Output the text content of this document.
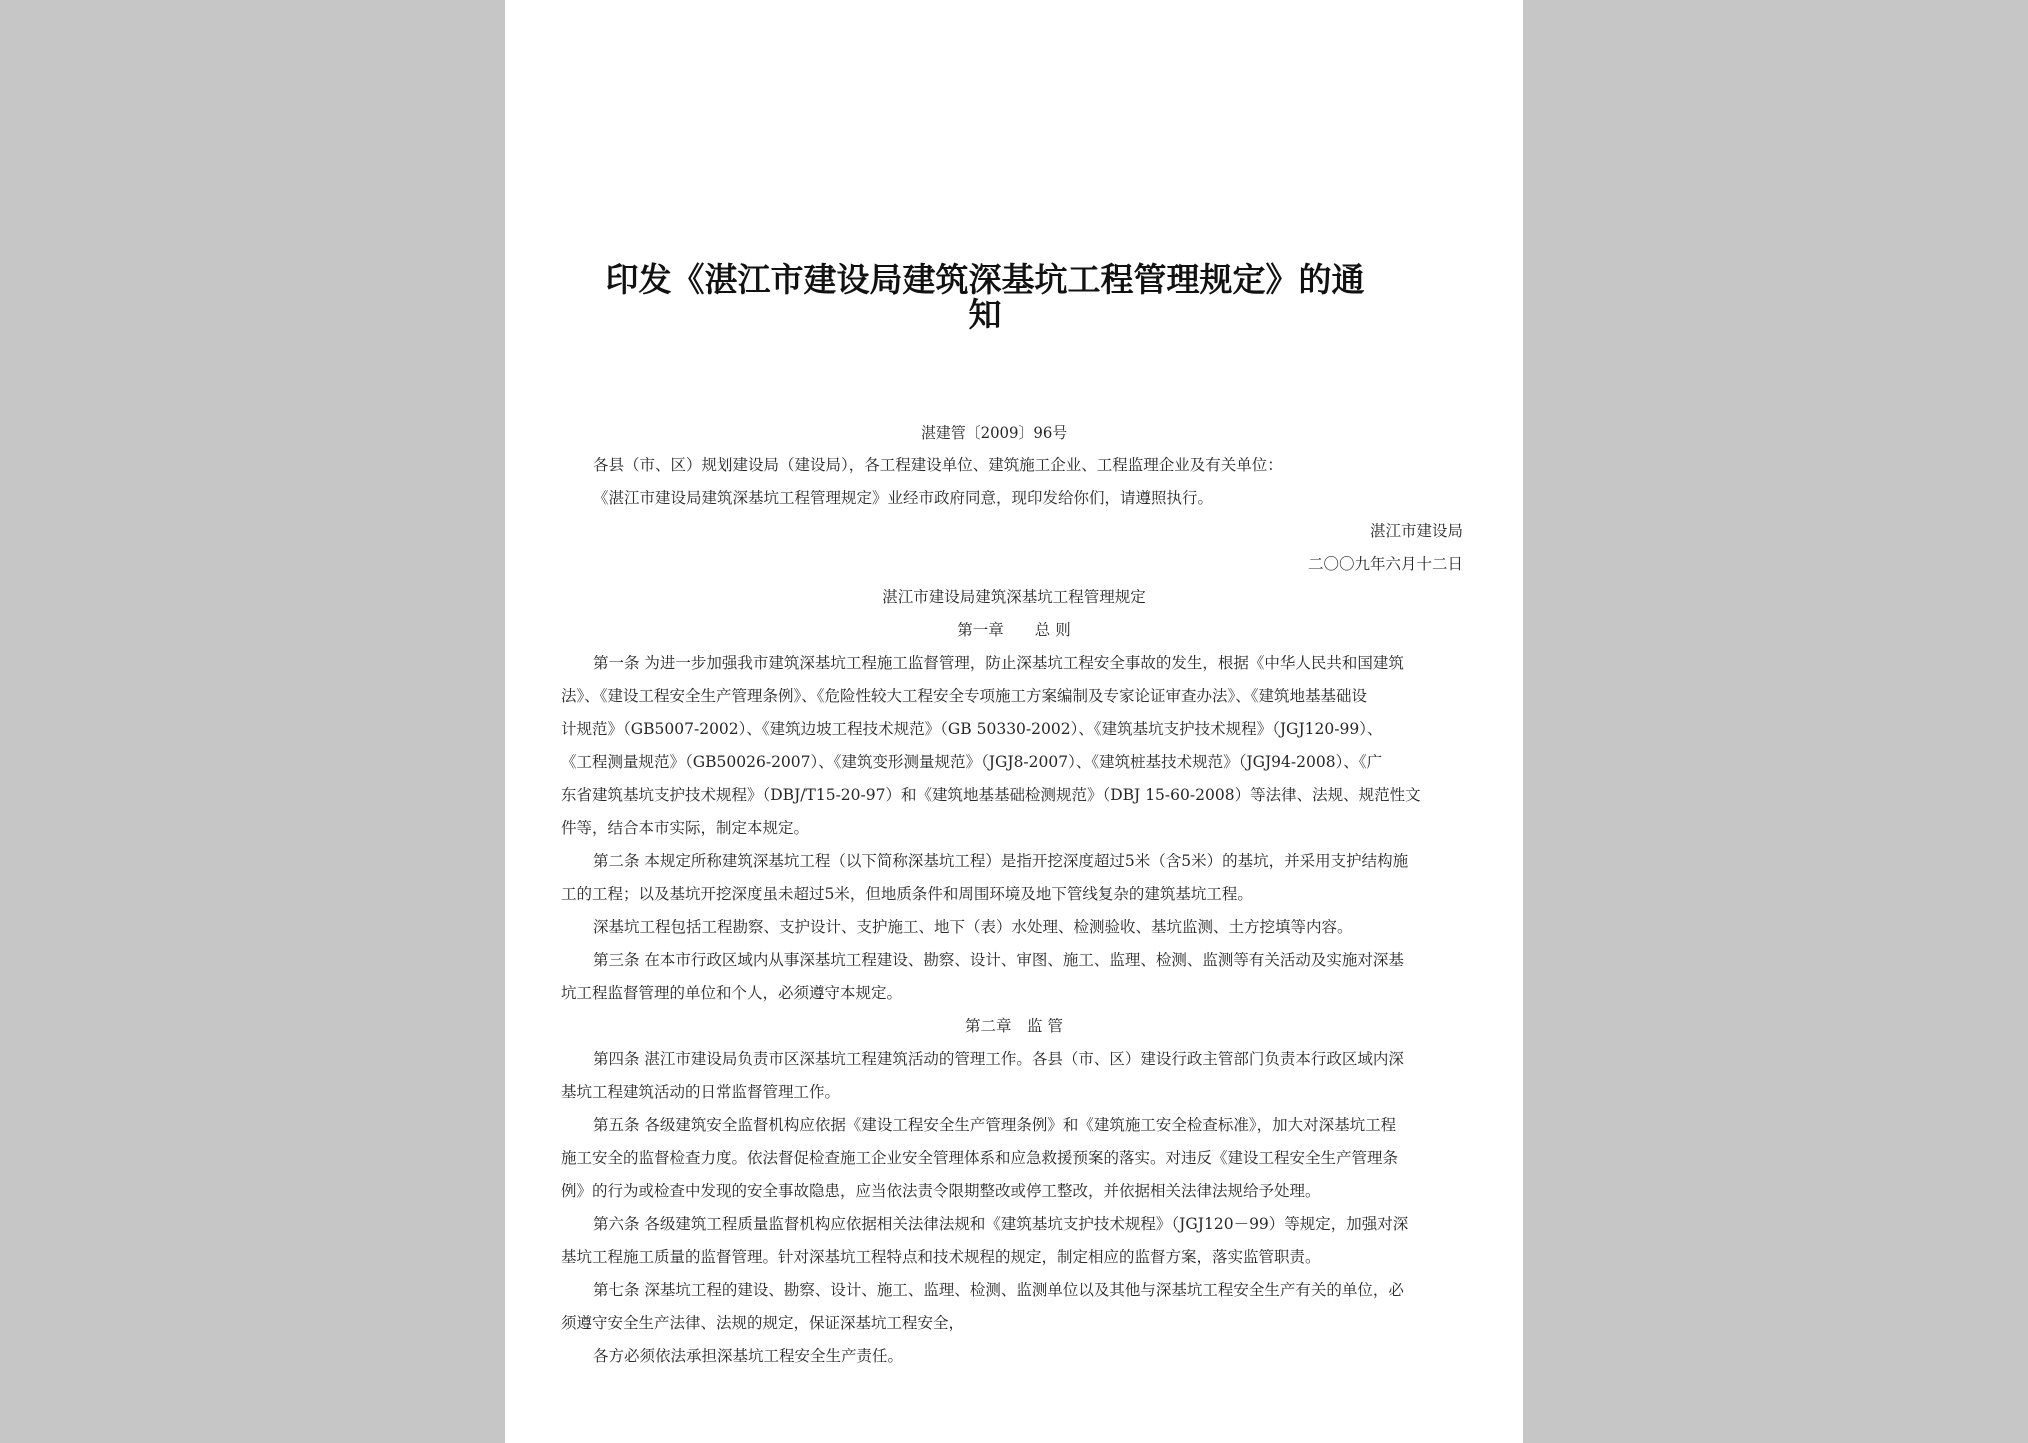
印发《湛江市建设局建筑深基坑工程管理规定》的通知
湛建管〔2009〕96号
各县（市、区）规划建设局（建设局），各工程建设单位、建筑施工企业、工程监理企业及有关单位：
《湛江市建设局建筑深基坑工程管理规定》业经市政府同意，现印发给你们，请遵照执行。
湛江市建设局
二〇〇九年六月十二日
湛江市建设局建筑深基坑工程管理规定
第一章　　总 则
第一条 为进一步加强我市建筑深基坑工程施工监督管理，防止深基坑工程安全事故的发生，根据《中华人民共和国建筑
法》、《建设工程安全生产管理条例》、《危险性较大工程安全专项施工方案编制及专家论证审查办法》、《建筑地基基础设
计规范》（GB5007-2002）、《建筑边坡工程技术规范》（GB 50330-2002）、《建筑基坑支护技术规程》（JGJ120-99）、
《工程测量规范》（GB50026-2007）、《建筑变形测量规范》（JGJ8-2007）、《建筑桩基技术规范》（JGJ94-2008）、《广
东省建筑基坑支护技术规程》（DBJ/T15-20-97）和《建筑地基基础检测规范》（DBJ 15-60-2008）等法律、法规、规范性文
件等，结合本市实际，制定本规定。
第二条 本规定所称建筑深基坑工程（以下简称深基坑工程）是指开挖深度超过5米（含5米）的基坑，并采用支护结构施
工的工程；以及基坑开挖深度虽未超过5米，但地质条件和周围环境及地下管线复杂的建筑基坑工程。
深基坑工程包括工程勘察、支护设计、支护施工、地下（表）水处理、检测验收、基坑监测、土方挖填等内容。
第三条 在本市行政区域内从事深基坑工程建设、勘察、设计、审图、施工、监理、检测、监测等有关活动及实施对深基
坑工程监督管理的单位和个人，必须遵守本规定。
第二章　监 管
第四条 湛江市建设局负责市区深基坑工程建筑活动的管理工作。各县（市、区）建设行政主管部门负责本行政区域内深
基坑工程建筑活动的日常监督管理工作。
第五条 各级建筑安全监督机构应依据《建设工程安全生产管理条例》和《建筑施工安全检查标准》，加大对深基坑工程
施工安全的监督检查力度。依法督促检查施工企业安全管理体系和应急救援预案的落实。对违反《建设工程安全生产管理条
例》的行为或检查中发现的安全事故隐患，应当依法责令限期整改或停工整改，并依据相关法律法规给予处理。
第六条 各级建筑工程质量监督机构应依据相关法律法规和《建筑基坑支护技术规程》（JGJ120－99）等规定，加强对深
基坑工程施工质量的监督管理。针对深基坑工程特点和技术规程的规定，制定相应的监督方案，落实监管职责。
第七条 深基坑工程的建设、勘察、设计、施工、监理、检测、监测单位以及其他与深基坑工程安全生产有关的单位，必
须遵守安全生产法律、法规的规定，保证深基坑工程安全，
各方必须依法承担深基坑工程安全生产责任。
